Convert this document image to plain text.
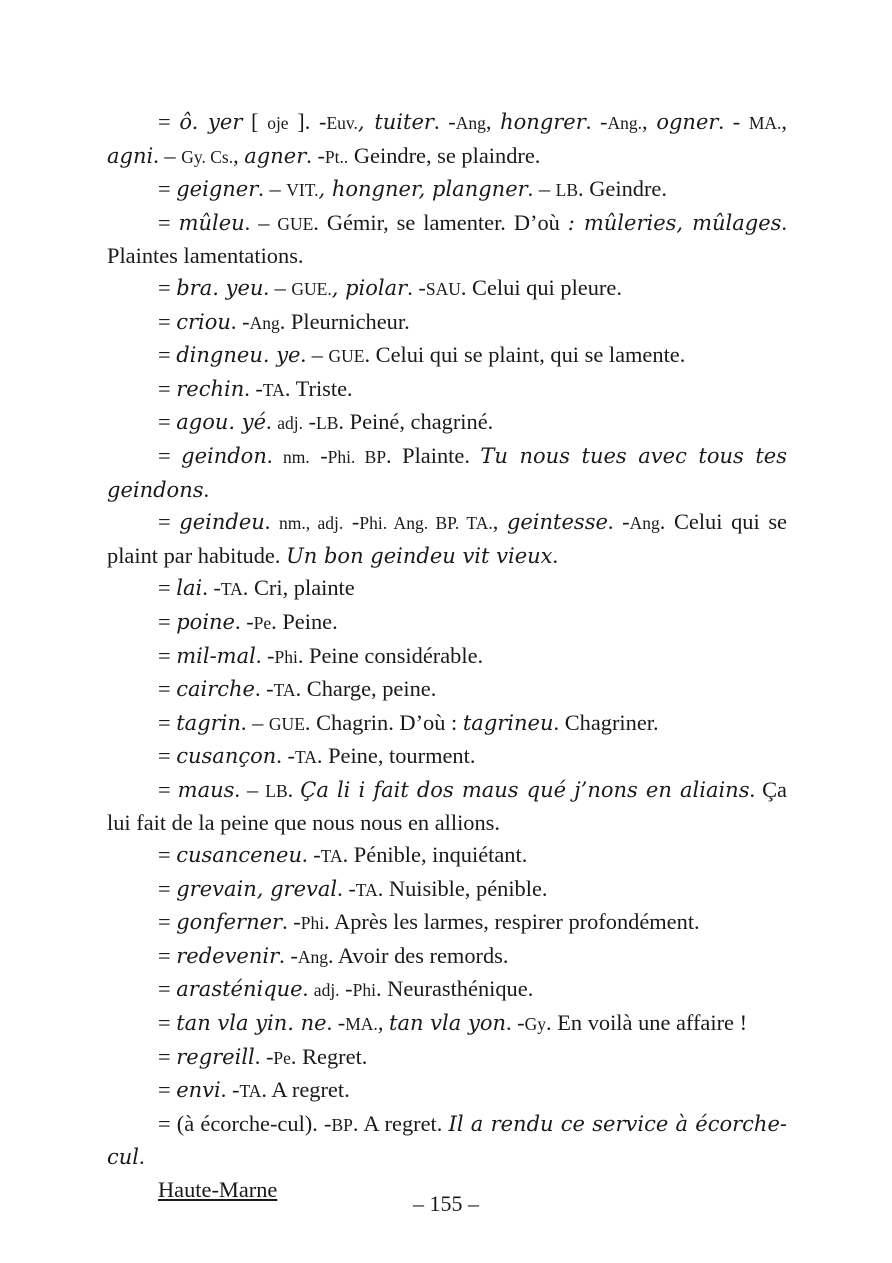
= ô. yer [ oje ]. -Euv., tuiter. -Ang, hongrer. -Ang., ogner. - MA., agni. – Gy. Cs., agner. -Pt.. Geindre, se plaindre.

= geigner. – VIT., hongner, plangner. – LB. Geindre.

= mûleu. – GUE. Gémir, se lamenter. D’où : mûleries, mûlages. Plaintes lamentations.

= bra. yeu. – GUE., piolar. -SAU. Celui qui pleure.

= criou. -Ang. Pleurnicheur.

= dingneu. ye. – GUE. Celui qui se plaint, qui se lamente.

= rechin. -TA. Triste.

= agou. yé. adj. -LB. Peiné, chagriné.

= geindon. nm. -Phi. BP. Plainte. Tu nous tues avec tous tes geindons.

= geindeu. nm., adj. -Phi. Ang. BP. TA., geintesse. -Ang. Celui qui se plaint par habitude. Un bon geindeu vit vieux.

= lai. -TA. Cri, plainte

= poine. -Pe. Peine.

= mil-mal. -Phi. Peine considérable.

= cairche. -TA. Charge, peine.

= tagrin. – GUE. Chagrin. D’où : tagrineu. Chagriner.

= cusançon. -TA. Peine, tourment.

= maus. – LB. Ça li i fait dos maus qué j’nons en aliains. Ça lui fait de la peine que nous nous en allions.

= cusanceneu. -TA. Pénible, inquiétant.

= grevain, greval. -TA. Nuisible, pénible.

= gonferner. -Phi. Après les larmes, respirer profondément.

= redevenir. -Ang. Avoir des remords.

= arasténique. adj. -Phi. Neurasthénique.

= tan vla yin. ne. -MA., tan vla yon. -Gy. En voilà une affaire !

= regreill. -Pe. Regret.

= envi. -TA. A regret.

= (à écorche-cul). -BP. A regret. Il a rendu ce service à écorche-cul.

Haute-Marne

– 155 –
